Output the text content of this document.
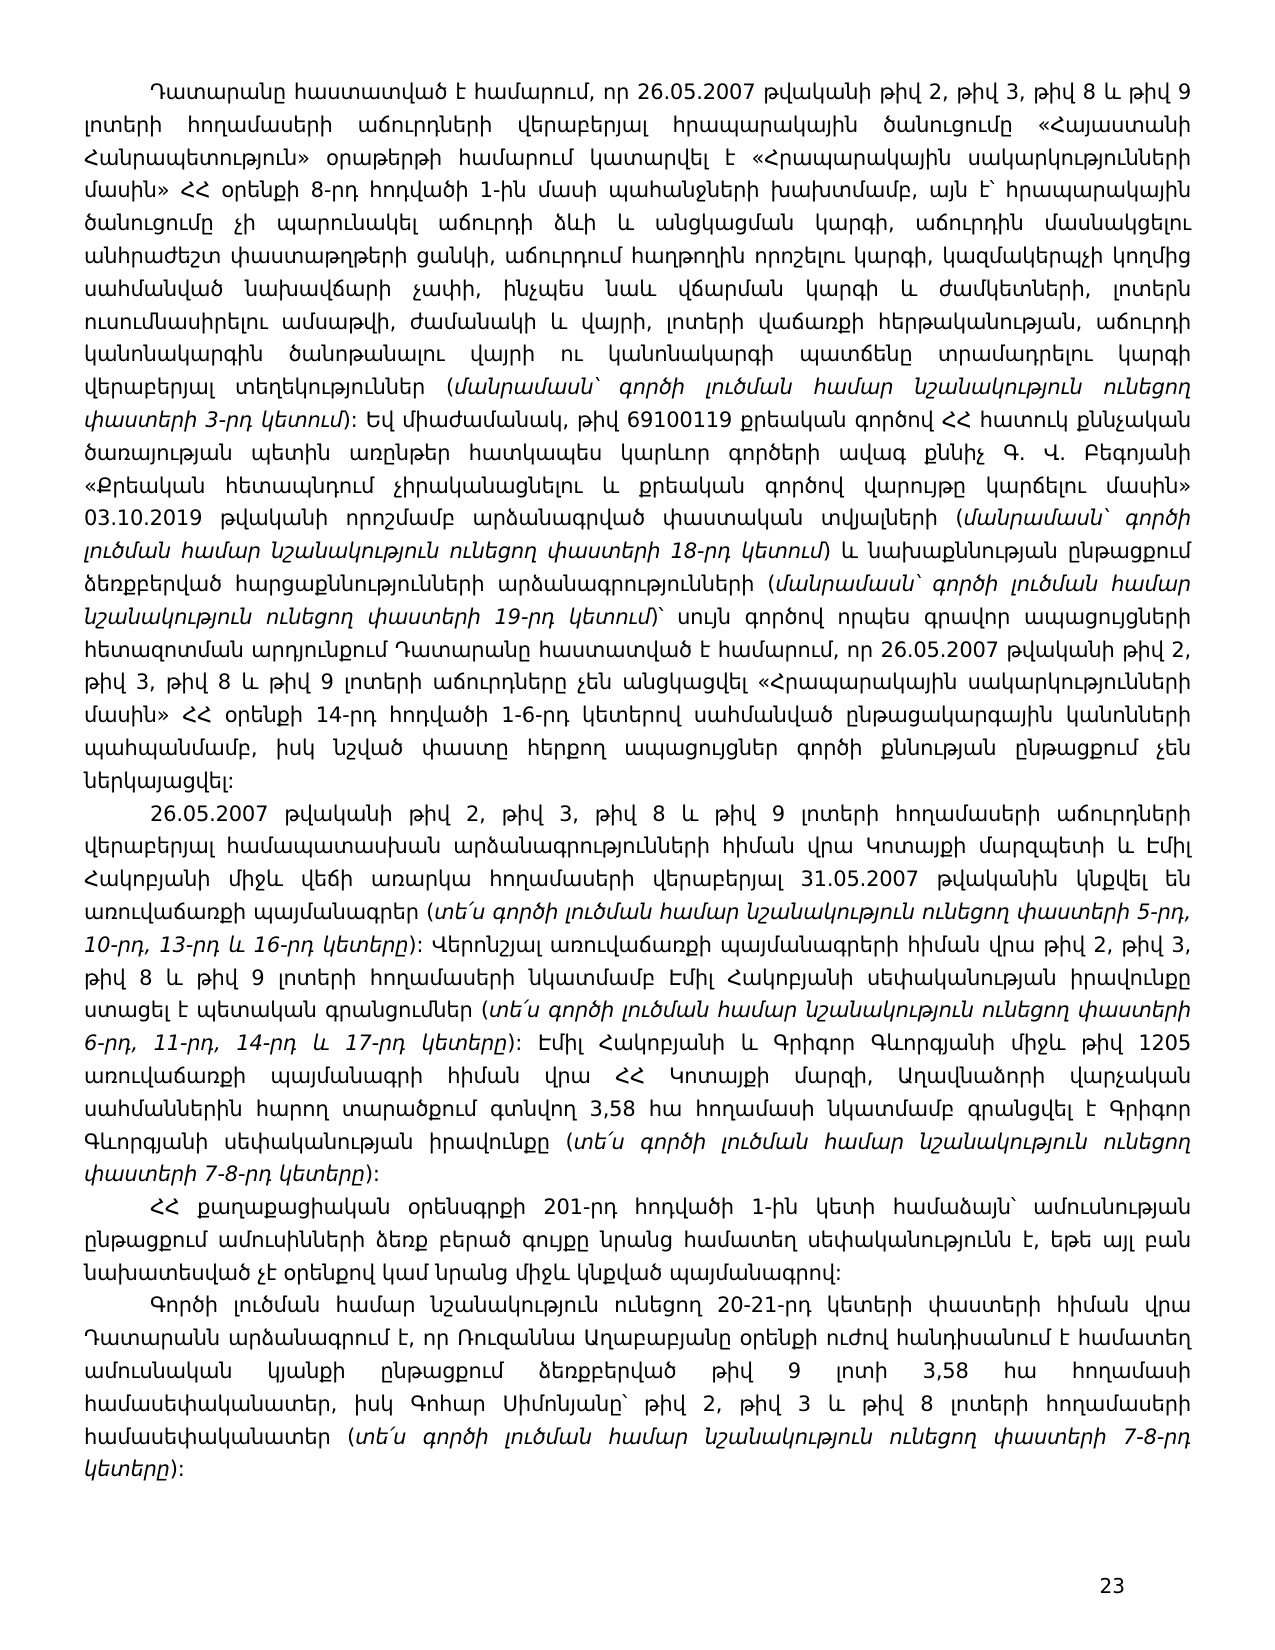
Դատարանը հաստատված է համարում, որ 26.05.2007 թվականի թիվ 2, թիվ 3, թիվ 8 և թիվ 9 լոտերի հողամասերի աճուրդների վերաբերյալ հրապարակային ծանուցումը «Հայաստանի Հանրապետություն» օրաթերթի համարում կատարվել է «Հրապարակային սակարկությունների մասին» ՀՀ օրենքի 8-րդ հոդվածի 1-ին մասի պահանջների խախտմամբ, այն է՝ հրապարակային ծանուցումը չի պարունակել աճուրդի ձևի և անցկացման կարգի, աճուրդին մասնակցելու անհրաժեշտ փաստաթղթերի ցանկի, աճուրդում հաղթողին որոշելու կարգի, կազմակերպչի կողմից սահմանված նախավճարի չափի, ինչպես նաև վճարման կարգի և ժամկետների, լոտերն ուսումնասիրելու ամսաթվի, ժամանակի և վայրի, լոտերի վաճառքի հերթականության, աճուրդի կանոնակարգին ծանոթանալու վայրի ու կանոնակարգի պատճենը տրամադրելու կարգի վերաբերյալ տեղեկություններ (մանրամասն՝ գործի լուծման համար նշանակություն ունեցող փաստերի 3-րդ կետում): Եվ միաժամանակ, թիվ 69100119 քրեական գործով ՀՀ հատուկ քննչական ծառայության պետին առընթեր հատկապես կարևոր գործերի ավագ քննիչ Գ. Վ. Բեգոյանի «Քրեական հետապնդում չիրականացնելու և քրեական գործով վարույթը կարճելու մասին» 03.10.2019 թվականի որոշմամբ արձանագրված փաստական տվյալների (մանրամասն՝ գործի լուծման համար նշանակություն ունեցող փաստերի 18-րդ կետում) և նախաքննության ընթացքում ձեռքբերված հարցաքննությունների արձանագրությունների (մանրամասն՝ գործի լուծման համար նշանակություն ունեցող փաստերի 19-րդ կետում)՝ սույն գործով որպես գրավոր ապացույցների հետազոտման արդյունքում Դատարանը հաստատված է համարում, որ 26.05.2007 թվականի թիվ 2, թիվ 3, թիվ 8 և թիվ 9 լոտերի աճուրդները չեն անցկացվել «Հրապարակային սակարկությունների մասին» ՀՀ օրենքի 14-րդ հոդվածի 1-6-րդ կետերով սահմանված ընթացակարգային կանոնների պահպանմամբ, իսկ նշված փաստը հերքող ապացույցներ գործի քննության ընթացքում չեն ներկայացվել:

26.05.2007 թվականի թիվ 2, թիվ 3, թիվ 8 և թիվ 9 լոտերի հողամասերի աճուրդների վերաբերյալ համապատասխան արձանագրությունների հիման վրա Կոտայքի մարզպետի և Էմիլ Հակոբյանի միջև վեճի առարկա հողամասերի վերաբերյալ 31.05.2007 թվականին կնքվել են առուվաճառքի պայմանագրեր (տե՛ս գործի լուծման համար նշանակություն ունեցող փաստերի 5-րդ, 10-րդ, 13-րդ և 16-րդ կետերը): Վերոնշյալ առուվաճառքի պայմանագրերի հիման վրա թիվ 2, թիվ 3, թիվ 8 և թիվ 9 լոտերի հողամասերի նկատմամբ Էմիլ Հակոբյանի սեփականության իրավունքը ստացել է պետական գրանցումներ (տե՛ս գործի լուծման համար նշանակություն ունեցող փաստերի 6-րդ, 11-րդ, 14-րդ և 17-րդ կետերը): Էմիլ Հակոբյանի և Գրիգոր Գևորգյանի միջև թիվ 1205 առուվաճառքի պայմանագրի հիման վրա ՀՀ Կոտայքի մարզի, Աղավնաձորի վարչական սահմաններին հարող տարածքում գտնվող 3,58 հա հողամասի նկատմամբ գրանցվել է Գրիգոր Գևորգյանի սեփականության իրավունքը (տե՛ս գործի լուծման համար նշանակություն ունեցող փաստերի 7-8-րդ կետերը):

ՀՀ քաղաքացիական օրենսգրքի 201-րդ հոդվածի 1-ին կետի համաձայն՝ ամուսնության ընթացքում ամուսինների ձեռք բերած գույքը նրանց համատեղ սեփականությունն է, եթե այլ բան նախատեսված չէ օրենքով կամ նրանց միջև կնքված պայմանագրով:

Գործի լուծման համար նշանակություն ունեցող 20-21-րդ կետերի փաստերի հիման վրա Դատարանն արձանագրում է, որ Ռուզաննա Աղաբաբյանը օրենքի ուժով հանդիսանում է համատեղ ամուսնական կյանքի ընթացքում ձեռքբերված թիվ 9 լոտի 3,58 հա հողամասի համասեփականատեր, իսկ Գոհար Սիմոնյանը՝ թիվ 2, թիվ 3 և թիվ 8 լոտերի հողամասերի համասեփականատեր (տե՛ս գործի լուծման համար նշանակություն ունեցող փաստերի 7-8-րդ կետերը):

23
